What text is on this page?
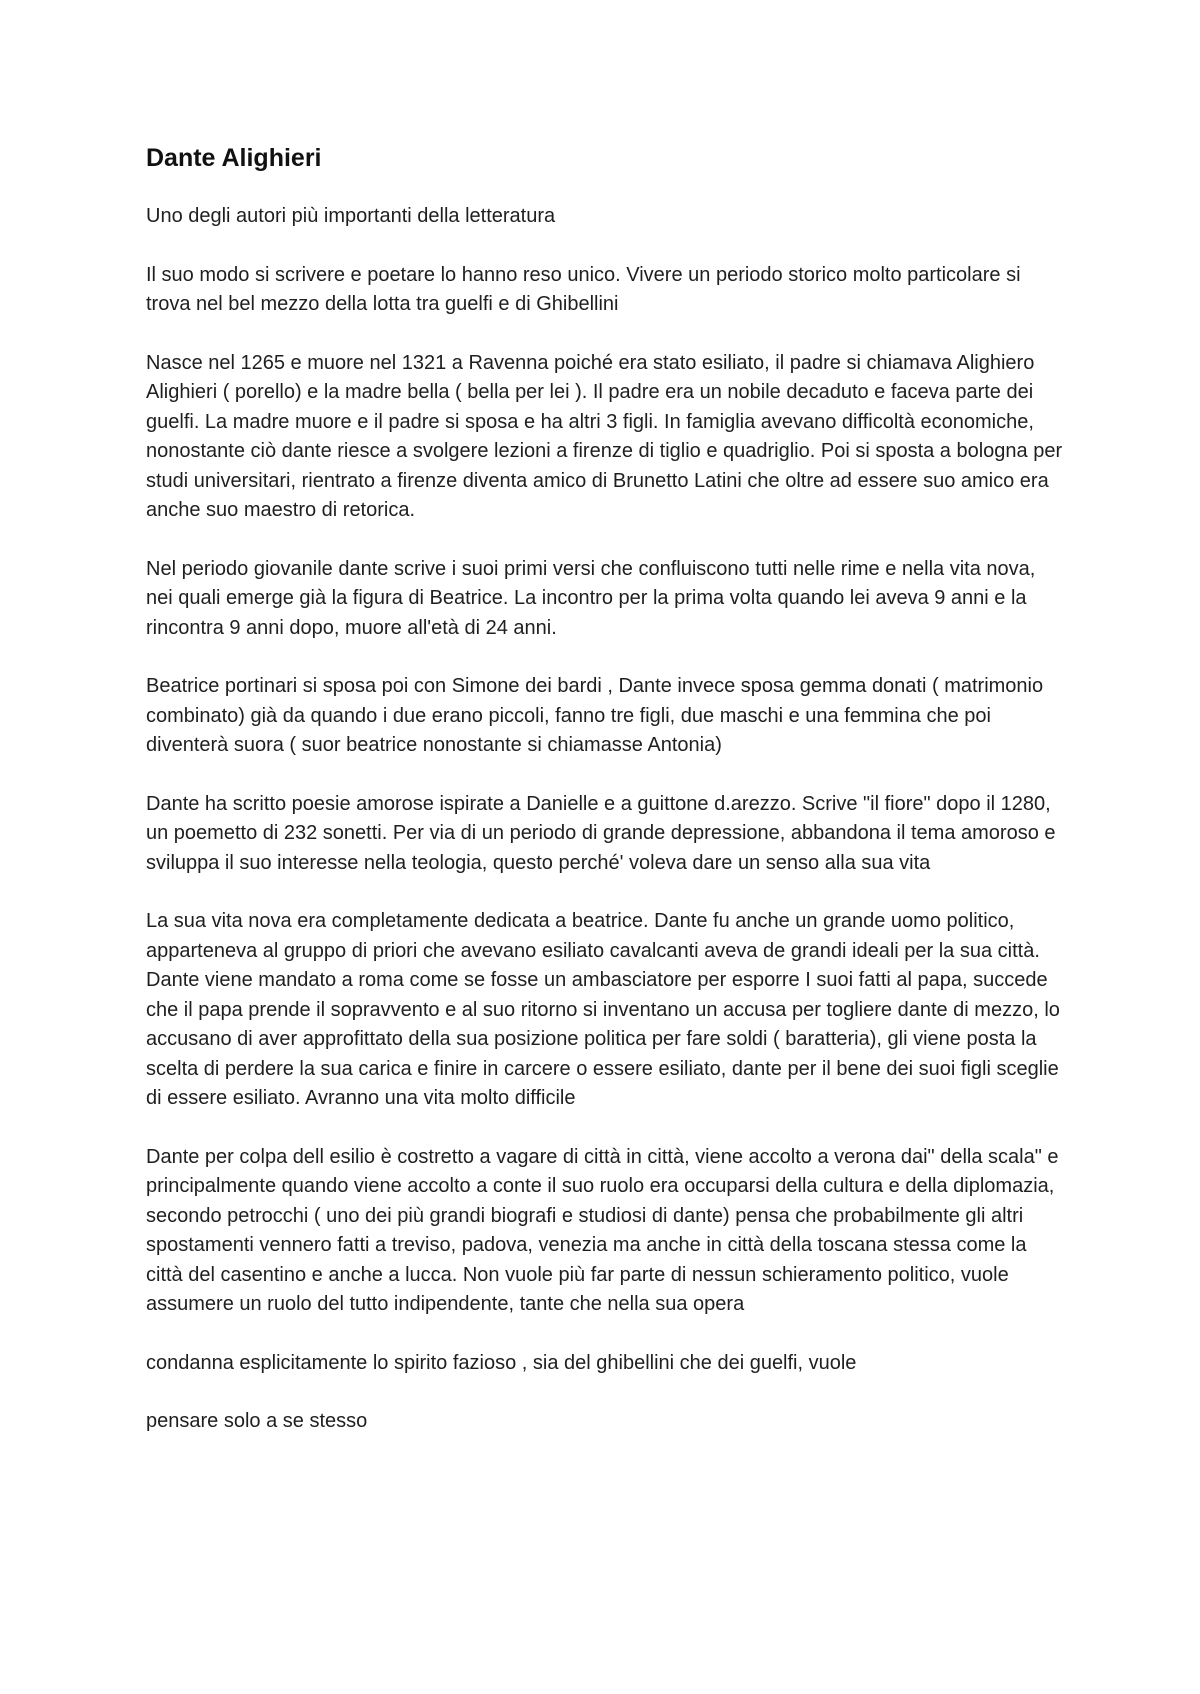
Dante Alighieri

Uno degli autori più importanti della letteratura

Il suo modo si scrivere e poetare lo hanno reso unico. Vivere un periodo storico molto particolare si trova nel bel mezzo della lotta tra guelfi e di Ghibellini

Nasce nel 1265 e muore nel 1321 a Ravenna poiché era stato esiliato, il padre si chiamava Alighiero Alighieri ( porello) e la madre bella ( bella per lei ). Il padre era un nobile decaduto e faceva parte dei guelfi. La madre muore e il padre si sposa e ha altri 3 figli. In famiglia avevano difficoltà economiche, nonostante ciò dante riesce a svolgere lezioni a firenze di tiglio e quadriglio. Poi si sposta a bologna per studi universitari, rientrato a firenze diventa amico di Brunetto Latini che oltre ad essere suo amico era anche suo maestro di retorica.

Nel periodo giovanile dante scrive i suoi primi versi che confluiscono tutti nelle rime e nella vita nova, nei quali emerge già la figura di Beatrice. La incontro per la prima volta quando lei aveva 9 anni e la rincontra 9 anni dopo, muore all'età di 24 anni.

Beatrice portinari si sposa poi con Simone dei bardi , Dante invece sposa gemma donati ( matrimonio combinato) già da quando i due erano piccoli, fanno tre figli, due maschi e una femmina che poi diventerà suora ( suor beatrice nonostante si chiamasse Antonia)

Dante ha scritto poesie amorose ispirate a Danielle e a guittone d.arezzo. Scrive "il fiore" dopo il 1280, un poemetto di 232 sonetti. Per via di un periodo di grande depressione, abbandona il tema amoroso e sviluppa il suo interesse nella teologia, questo perché' voleva dare un senso alla sua vita

La sua vita nova era completamente dedicata a beatrice. Dante fu anche un grande uomo politico, apparteneva al gruppo di priori che avevano esiliato cavalcanti aveva de grandi ideali per la sua città. Dante viene mandato a roma come se fosse un ambasciatore per esporre I suoi fatti al papa, succede che il papa prende il sopravvento e al suo ritorno si inventano un accusa per togliere dante di mezzo, lo accusano di aver approfittato della sua posizione politica per fare soldi ( baratteria), gli viene posta la scelta di perdere la sua carica e finire in carcere o essere esiliato, dante per il bene dei suoi figli sceglie di essere esiliato. Avranno una vita molto difficile

Dante per colpa dell esilio è costretto a vagare di città in città, viene accolto a verona dai" della scala" e principalmente quando viene accolto a conte il suo ruolo era occuparsi della cultura e della diplomazia, secondo petrocchi ( uno dei più grandi biografi e studiosi di dante) pensa che probabilmente gli altri spostamenti vennero fatti a treviso, padova, venezia ma anche in città della toscana stessa come la città del casentino e anche a lucca. Non vuole più far parte di nessun schieramento politico, vuole assumere un ruolo del tutto indipendente, tante che nella sua opera

condanna esplicitamente lo spirito fazioso , sia del ghibellini che dei guelfi, vuole

pensare solo a se stesso
